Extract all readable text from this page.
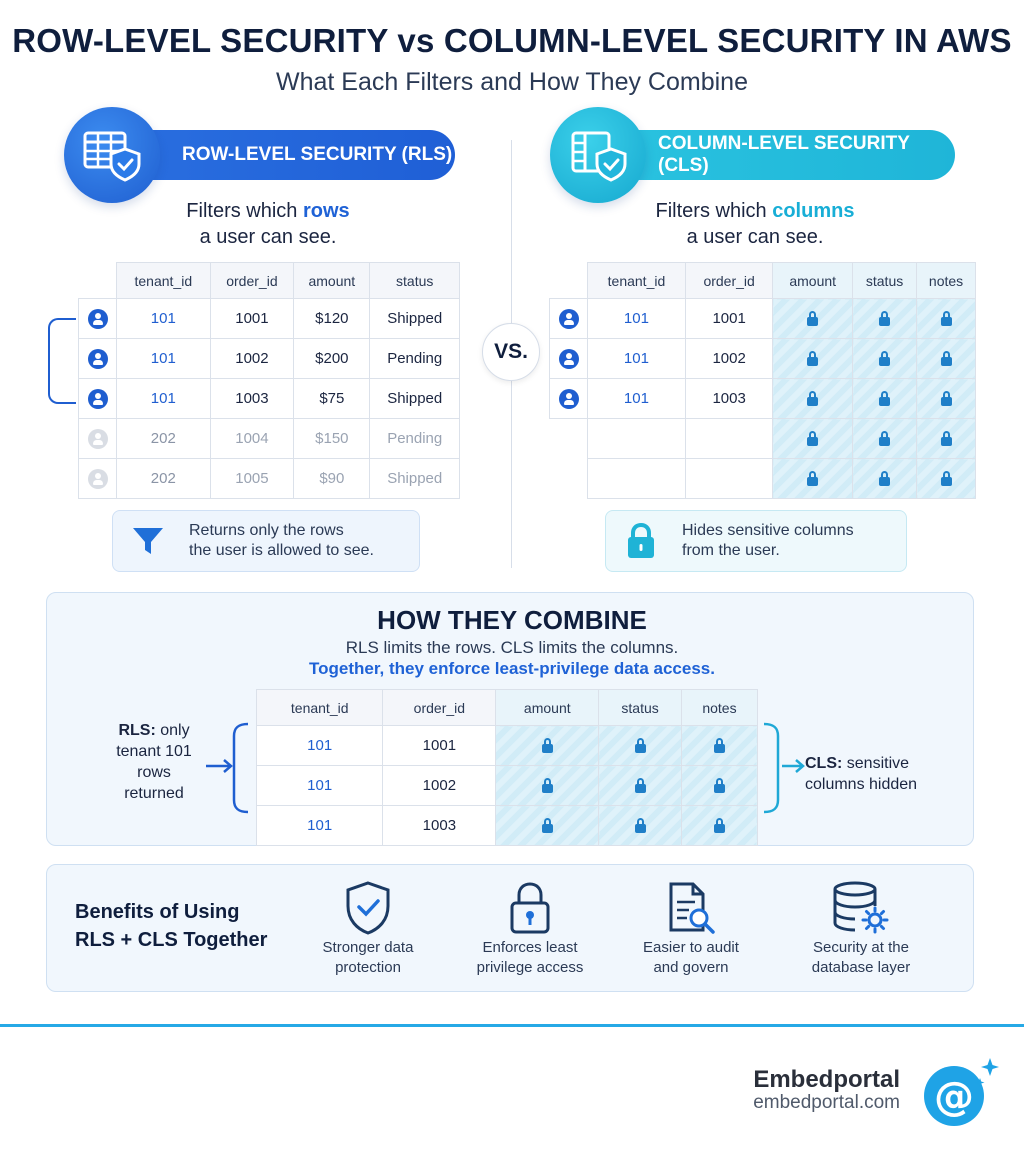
ROW-LEVEL SECURITY vs COLUMN-LEVEL SECURITY IN AWS
What Each Filters and How They Combine
ROW-LEVEL SECURITY (RLS)
COLUMN-LEVEL SECURITY (CLS)
Filters which rows
a user can see.
Filters which columns
a user can see.
VS.
	tenant_id	order_id	amount	status
	101	1001	$120	Shipped
	101	1002	$200	Pending
	101	1003	$75	Shipped
	202	1004	$150	Pending
	202	1005	$90	Shipped
	tenant_id	order_id	amount	status	notes
	101	1001			
	101	1002			
	101	1003			

Returns only the rows
the user is allowed to see.
Hides sensitive columns
from the user.
HOW THEY COMBINE
RLS limits the rows. CLS limits the columns.
Together, they enforce least-privilege data access.
RLS: only
tenant 101
rows returned
tenant_id	order_id	amount	status	notes
101	1001			
101	1002			
101	1003			
CLS: sensitive
columns hidden
Benefits of Using
RLS + CLS Together	Stronger data
protection
Enforces least
privilege access
Easier to audit
and govern
Security at the
database layer
Embedportal
embedportal.com @
